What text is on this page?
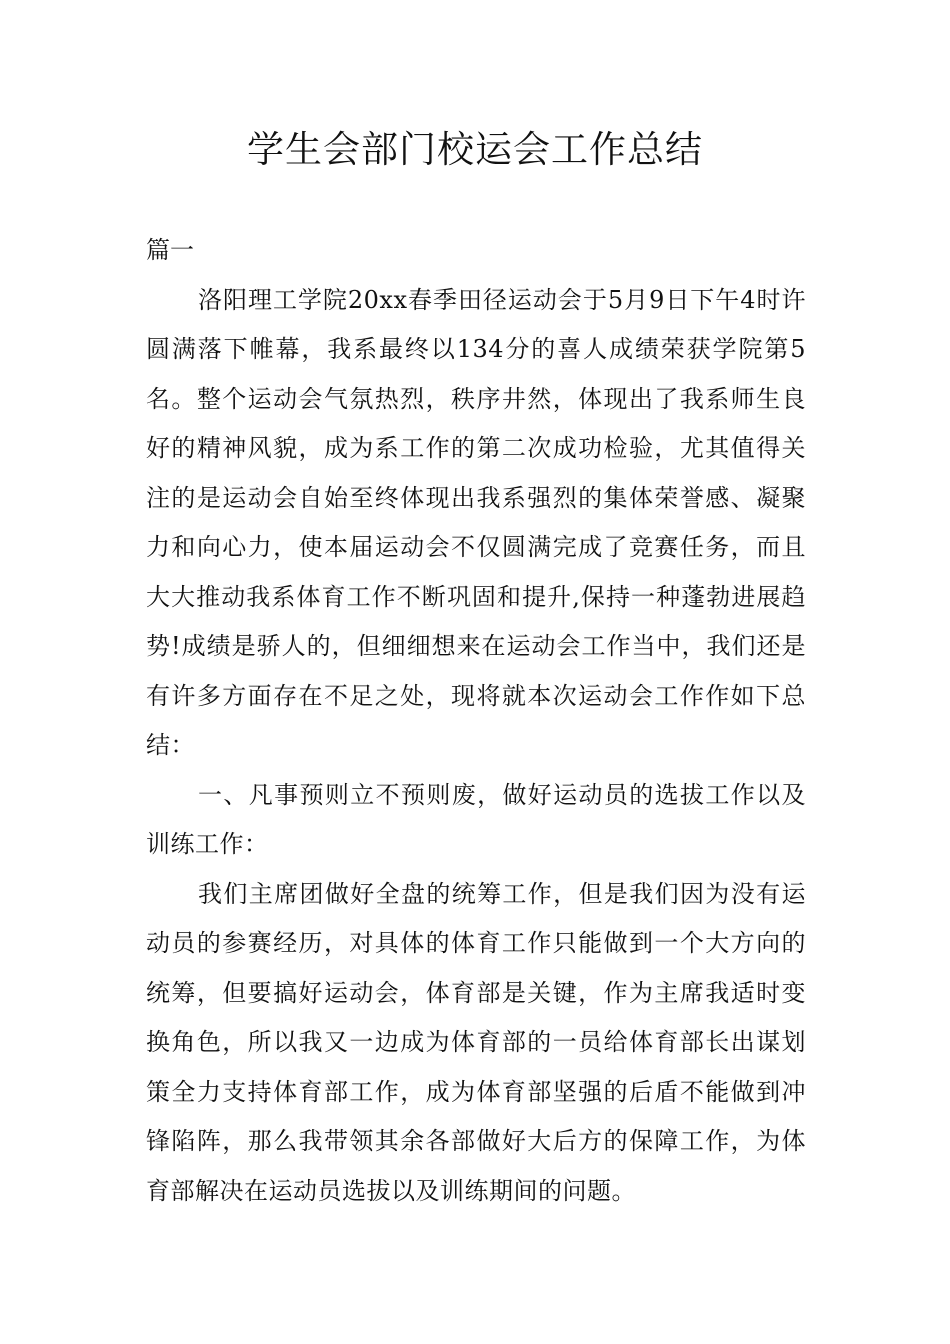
学生会部门校运会工作总结

篇一

洛阳理工学院20xx春季田径运动会于5月9日下午4时许圆满落下帷幕，我系最终以134分的喜人成绩荣获学院第5名。整个运动会气氛热烈，秩序井然，体现出了我系师生良好的精神风貌，成为系工作的第二次成功检验，尤其值得关注的是运动会自始至终体现出我系强烈的集体荣誉感、凝聚力和向心力，使本届运动会不仅圆满完成了竞赛任务，而且大大推动我系体育工作不断巩固和提升,保持一种蓬勃进展趋势!成绩是骄人的，但细细想来在运动会工作当中，我们还是有许多方面存在不足之处，现将就本次运动会工作作如下总结：

一、凡事预则立不预则废，做好运动员的选拔工作以及训练工作：

我们主席团做好全盘的统筹工作，但是我们因为没有运动员的参赛经历，对具体的体育工作只能做到一个大方向的统筹，但要搞好运动会，体育部是关键，作为主席我适时变换角色，所以我又一边成为体育部的一员给体育部长出谋划策全力支持体育部工作，成为体育部坚强的后盾不能做到冲锋陷阵，那么我带领其余各部做好大后方的保障工作，为体育部解决在运动员选拔以及训练期间的问题。
